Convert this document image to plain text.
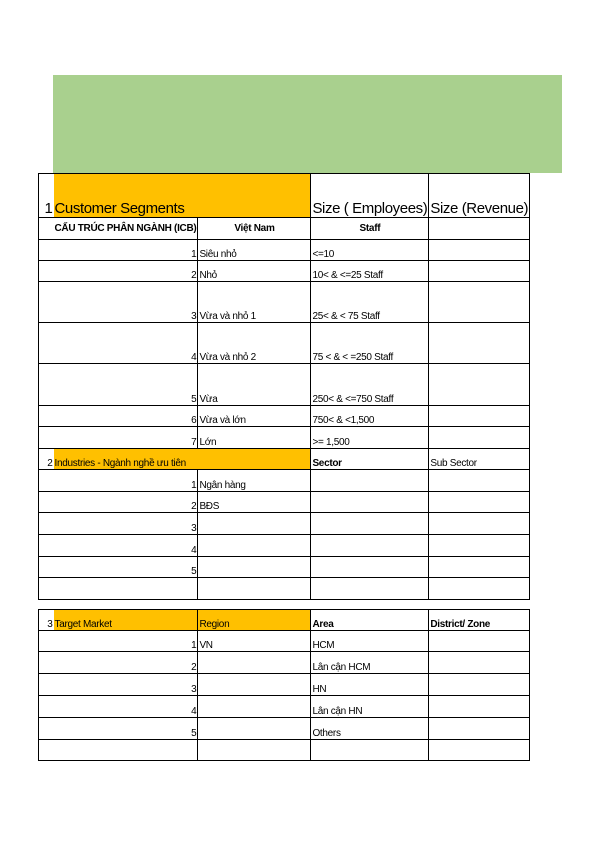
1	Customer Segments		Size ( Employees)	Size (Revenue)
	CẤU TRÚC PHÂN NGÀNH (ICB)	Việt Nam	Staff	
	1	Siêu nhỏ	<=10	
	2	Nhỏ	10< & <=25 Staff	
	3	Vừa và nhỏ 1	25< & < 75 Staff	
	4	Vừa và nhỏ 2	75 < & < =250 Staff	
	5	Vừa	250< & <=750 Staff	
	6	Vừa và lớn	750< & <1,500	
	7	Lớn	>= 1,500	
2	Industries - Ngành nghề ưu tiên		Sector	Sub Sector
	1	Ngân hàng		
	2	BĐS		
	3			
	4			
	5			

3	Target Market	Region	Area	District/ Zone
	1	VN	HCM	
	2		Lân cận HCM	
	3		HN	
	4		Lân cận HN	
	5		Others	
